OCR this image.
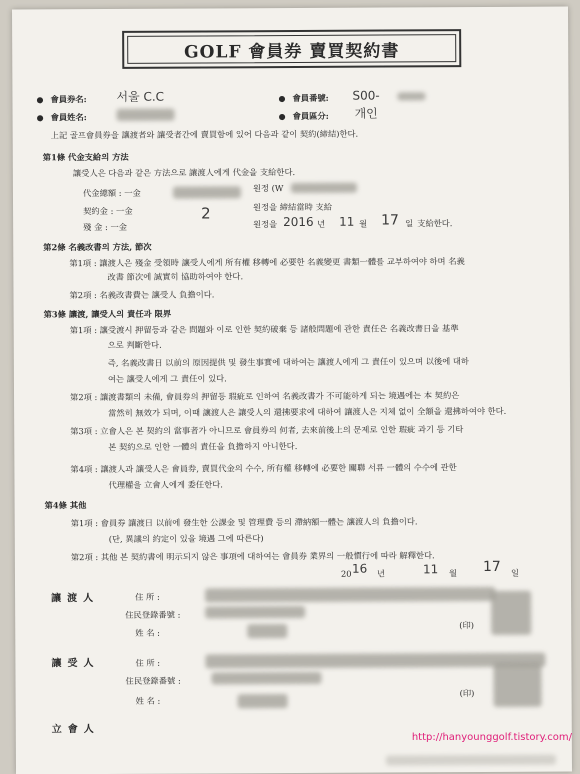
GOLF 會員券 賣買契約書
● 會員券名: 서울 C.C	● 會員番號: S00-
● 會員姓名:	● 會員區分: 개인
上記 골프會員券을 讓渡者와 讓受者간에 賣買함에 있어 다음과 같이 契約(締結)한다.
第1條 代金支給의 方法
讓受人은 다음과 같은 方法으로 讓渡人에게 代金을 支給한다.
代金總額 : 一金	원정 (W
契約金 : 一金	원정을 締結當時 支給
2
殘 金 : 一金	원정을 2016 년 11 월 17 일 支給한다.
第2條 名義改書의 方法, 節次
第1項 : 讓渡人은 殘金 受領時 讓受人에게 所有權 移轉에 必要한 名義變更 書類一體를 교부하여야 하며 名義
改書 節次에 誠實히 協助하여야 한다.
第2項 : 名義改書費는 讓受人 負擔이다.
第3條 讓渡, 讓受人의 責任과 限界
第1項 : 讓受渡시 押留등과 같은 問題와 이로 인한 契約破棄 등 諸般問題에 관한 責任은 名義改書日을 基準
으로 判斷한다.
즉, 名義改書日 以前의 原因提供 및 發生事實에 대하여는 讓渡人에게 그 責任이 있으며 以後에 대하
여는 讓受人에게 그 責任이 있다.
第2項 : 讓渡書類의 未備, 會員券의 押留등 瑕疵로 인하여 名義改書가 不可能하게 되는 境遇에는 本 契約은
當然히 無效가 되며, 이때 讓渡人은 讓受人의 還拂要求에 대하여 讓渡人은 지체 없이 全額을 還拂하여야 한다.
第3項 : 立會人은 본 契約의 當事者가 아니므로 會員券의 何者, 去來前後上의 문제로 인한 瑕疵 과기 등 기타
본 契約으로 인한 一體의 責任을 負擔하지 아니한다.
第4項 : 讓渡人과 讓受人은 會員券, 賣買代金의 수수, 所有權 移轉에 必要한 關聯 서류 一體의 수수에 관한
代理權을 立會人에게 委任한다.
第4條 其他
第1項 : 會員券 讓渡日 以前에 發生한 公課金 및 管理費 등의 滯納額一體는 讓渡人의 負擔이다.
(단, 異議의 約定이 있을 境遇 그에 따른다)
第2項 : 其他 본 契約書에 明示되지 않은 事項에 대하여는 會員券 業界의 一般慣行에 따라 解釋한다.
20 16 년	11 월 17 일
讓渡人	住 所 :
住民登錄番號 :
姓 名 :
(印)
讓受人	住 所 :
住民登錄番號 :
姓 名 :
(印)
立會人
http://hanyounggolf.tistory.com/
